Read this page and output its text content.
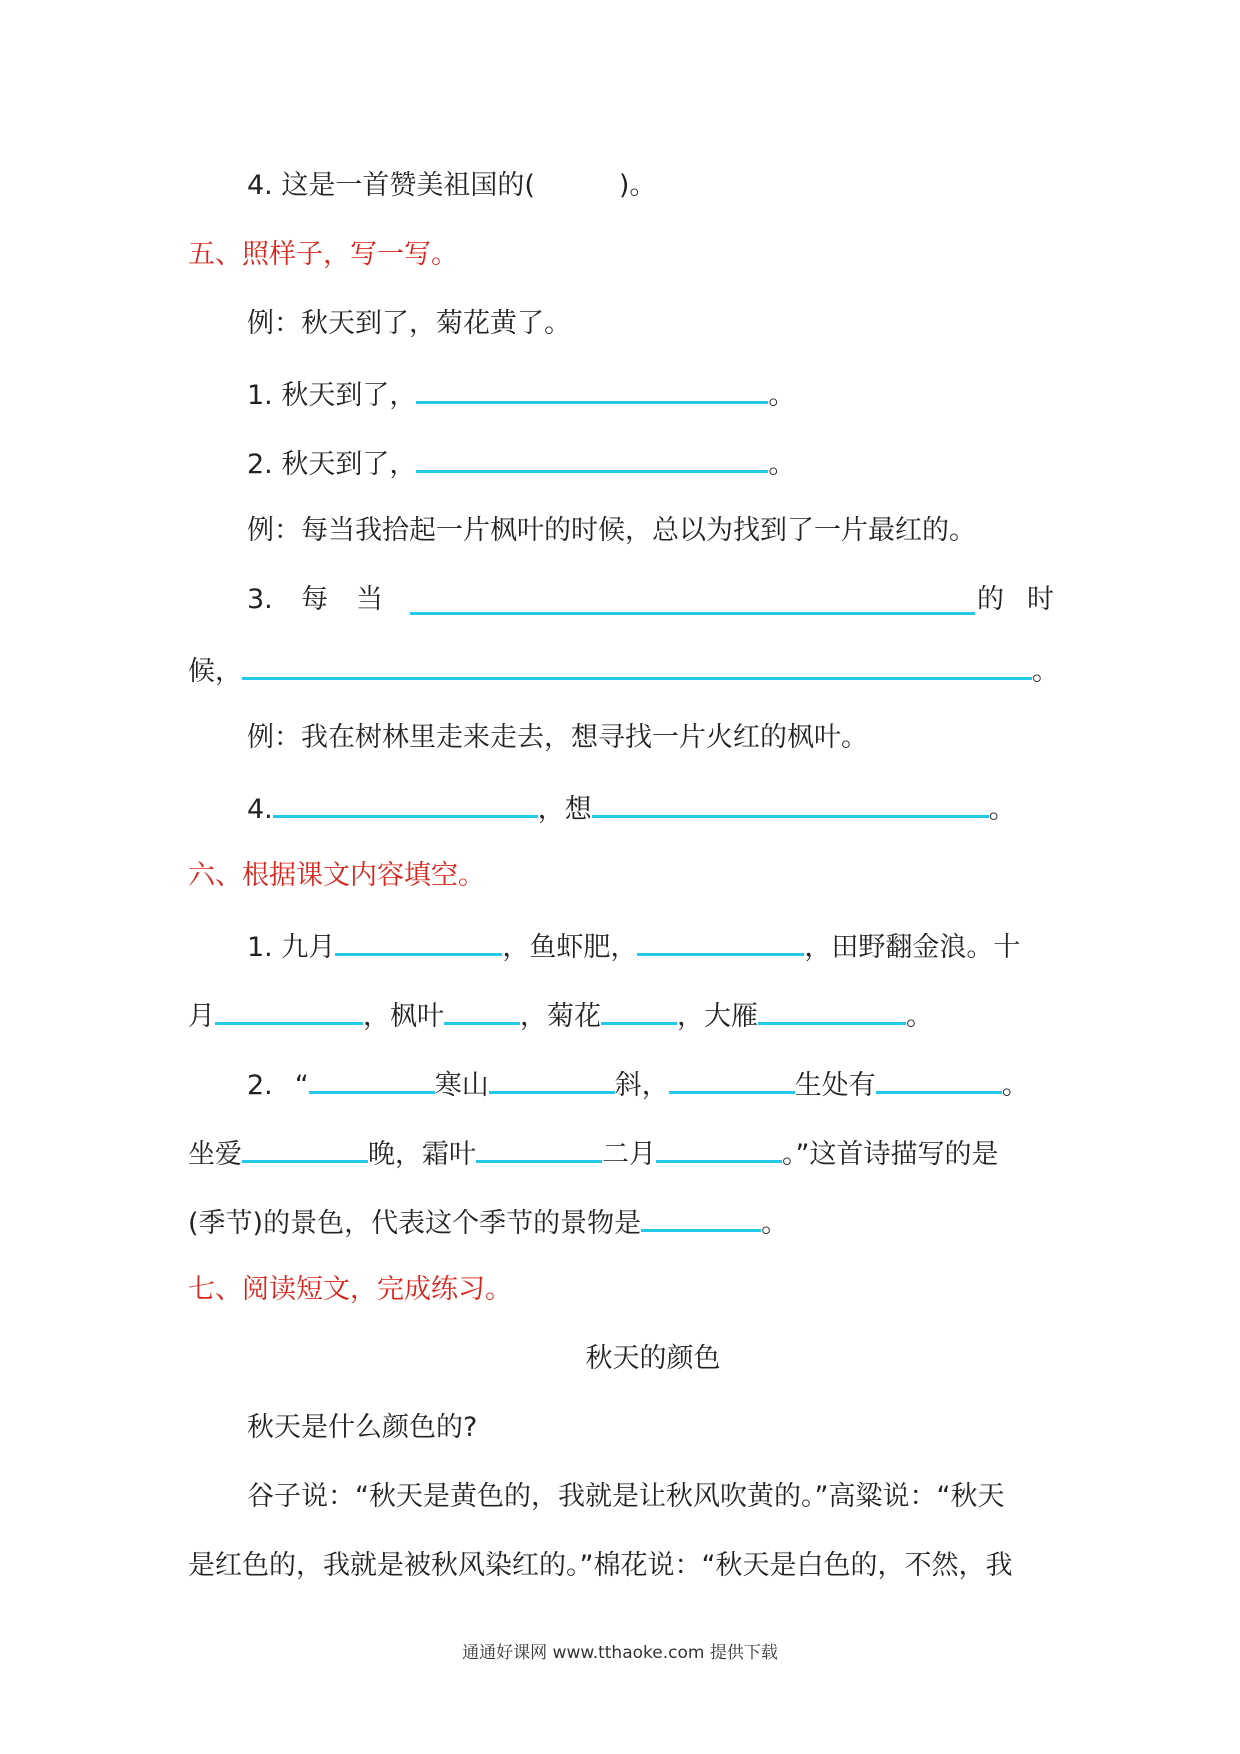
4. 这是一首赞美祖国的(	)。
五、照样子，写一写。
例：秋天到了，菊花黄了。
1. 秋天到了，	。
2. 秋天到了，	。
例：每当我拾起一片枫叶的时候，总以为找到了一片最红的。
3. 每 当	的 时
候，	。
例：我在树林里走来走去，想寻找一片火红的枫叶。
4.	，想	。
六、根据课文内容填空。
1. 九月	，鱼虾肥，	，田野翻金浪。十
月	，枫叶	，菊花	，大雁	。
2. “	寒山	斜，	生处有	。
坐爱	晚，霜叶	二月	。”这首诗描写的是
(季节)的景色，代表这个季节的景物是	。
七、阅读短文，完成练习。
秋天的颜色
秋天是什么颜色的?
谷子说：“秋天是黄色的，我就是让秋风吹黄的。”高粱说：“秋天
是红色的，我就是被秋风染红的。”棉花说：“秋天是白色的，不然，我
通通好课网 www.tthaoke.com 提供下载
